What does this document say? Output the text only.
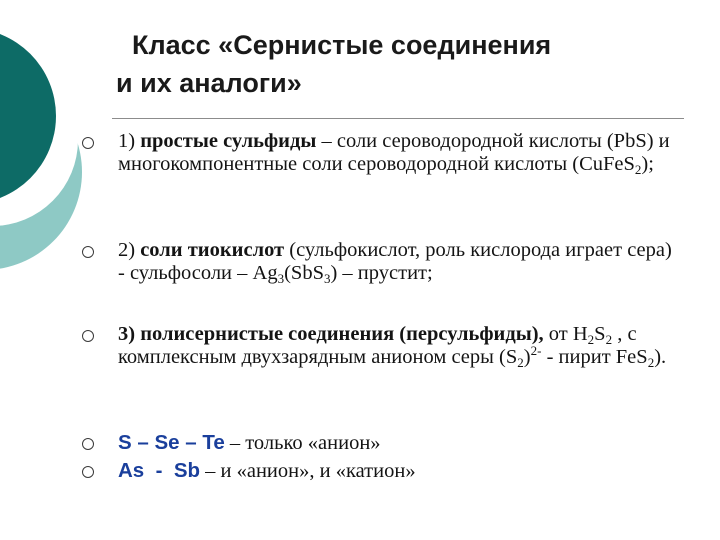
Класс «Сернистые соединения
и их аналоги»
1) простые сульфиды – соли сероводородной кислоты (PbS) и многокомпонентные соли сероводородной кислоты (CuFeS$_2$);
2) соли тиокислот (сульфокислот, роль кислорода играет сера) - сульфосоли – $Ag_3(SbS_3)$ – прустит;
3) полисернистые соединения (персульфиды), от $H_2S_2$ , с комплексным двухзарядным анионом серы $(S_2)^{2-}$ - пирит FeS$_2$).
S – Se – Te – только «анион»
As  -  Sb – и «анион», и «катион»
